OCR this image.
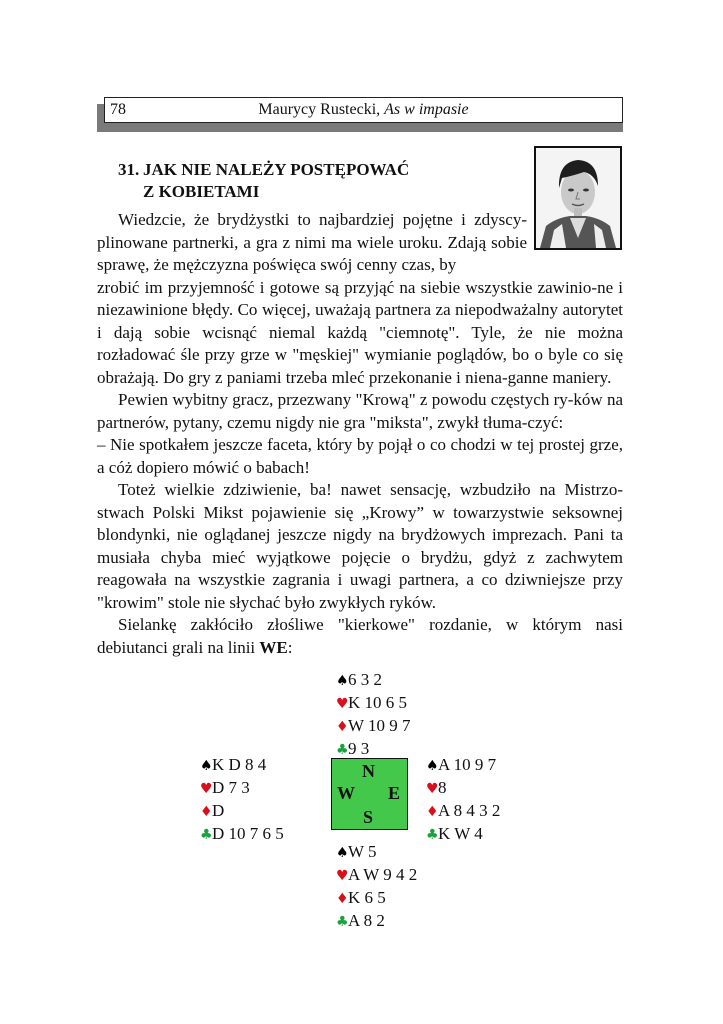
78	Maurycy Rustecki, As w impasie
31. JAK NIE NALEŻY POSTĘPOWAĆ
Z KOBIETAMI

Wiedzcie, że brydżystki to najbardziej pojętne i zdyscy-plinowane partnerki, a gra z nimi ma wiele uroku. Zdają sobie sprawę, że mężczyzna poświęca swój cenny czas, by

zrobić im przyjemność i gotowe są przyjąć na siebie wszystkie zawinio-ne i niezawinione błędy. Co więcej, uważają partnera za niepodważalny autorytet i dają sobie wcisnąć niemal każdą "ciemnotę". Tyle, że nie można rozładować śle przy grze w "męskiej" wymianie poglądów, bo o byle co się obrażają. Do gry z paniami trzeba mleć przekonanie i niena-ganne maniery.

Pewien wybitny gracz, przezwany "Krową" z powodu częstych ry-ków na partnerów, pytany, czemu nigdy nie gra "miksta", zwykł tłuma-czyć:

– Nie spotkałem jeszcze faceta, który by pojął o co chodzi w tej prostej grze, a cóż dopiero mówić o babach!

Toteż wielkie zdziwienie, ba! nawet sensację, wzbudziło na Mistrzo-stwach Polski Mikst pojawienie się „Krowy” w towarzystwie seksownej blondynki, nie oglądanej jeszcze nigdy na brydżowych imprezach. Pani ta musiała chyba mieć wyjątkowe pojęcie o brydżu, gdyż z zachwytem reagowała na wszystkie zagrania i uwagi partnera, a co dziwniejsze przy "krowim" stole nie słychać było zwykłych ryków.

Sielankę zakłóciło złośliwe "kierkowe" rozdanie, w którym nasi debiutanci grali na linii WE:

♠6 3 2
♥K 10 6 5
♦W 10 9 7
♣9 3
♠K D 8 4
♥D 7 3
♦D
♣D 10 7 6 5
N
W E
S
♠A 10 9 7
♥8
♦A 8 4 3 2
♣K W 4
♠W 5
♥A W 9 4 2
♦K 6 5
♣A 8 2
